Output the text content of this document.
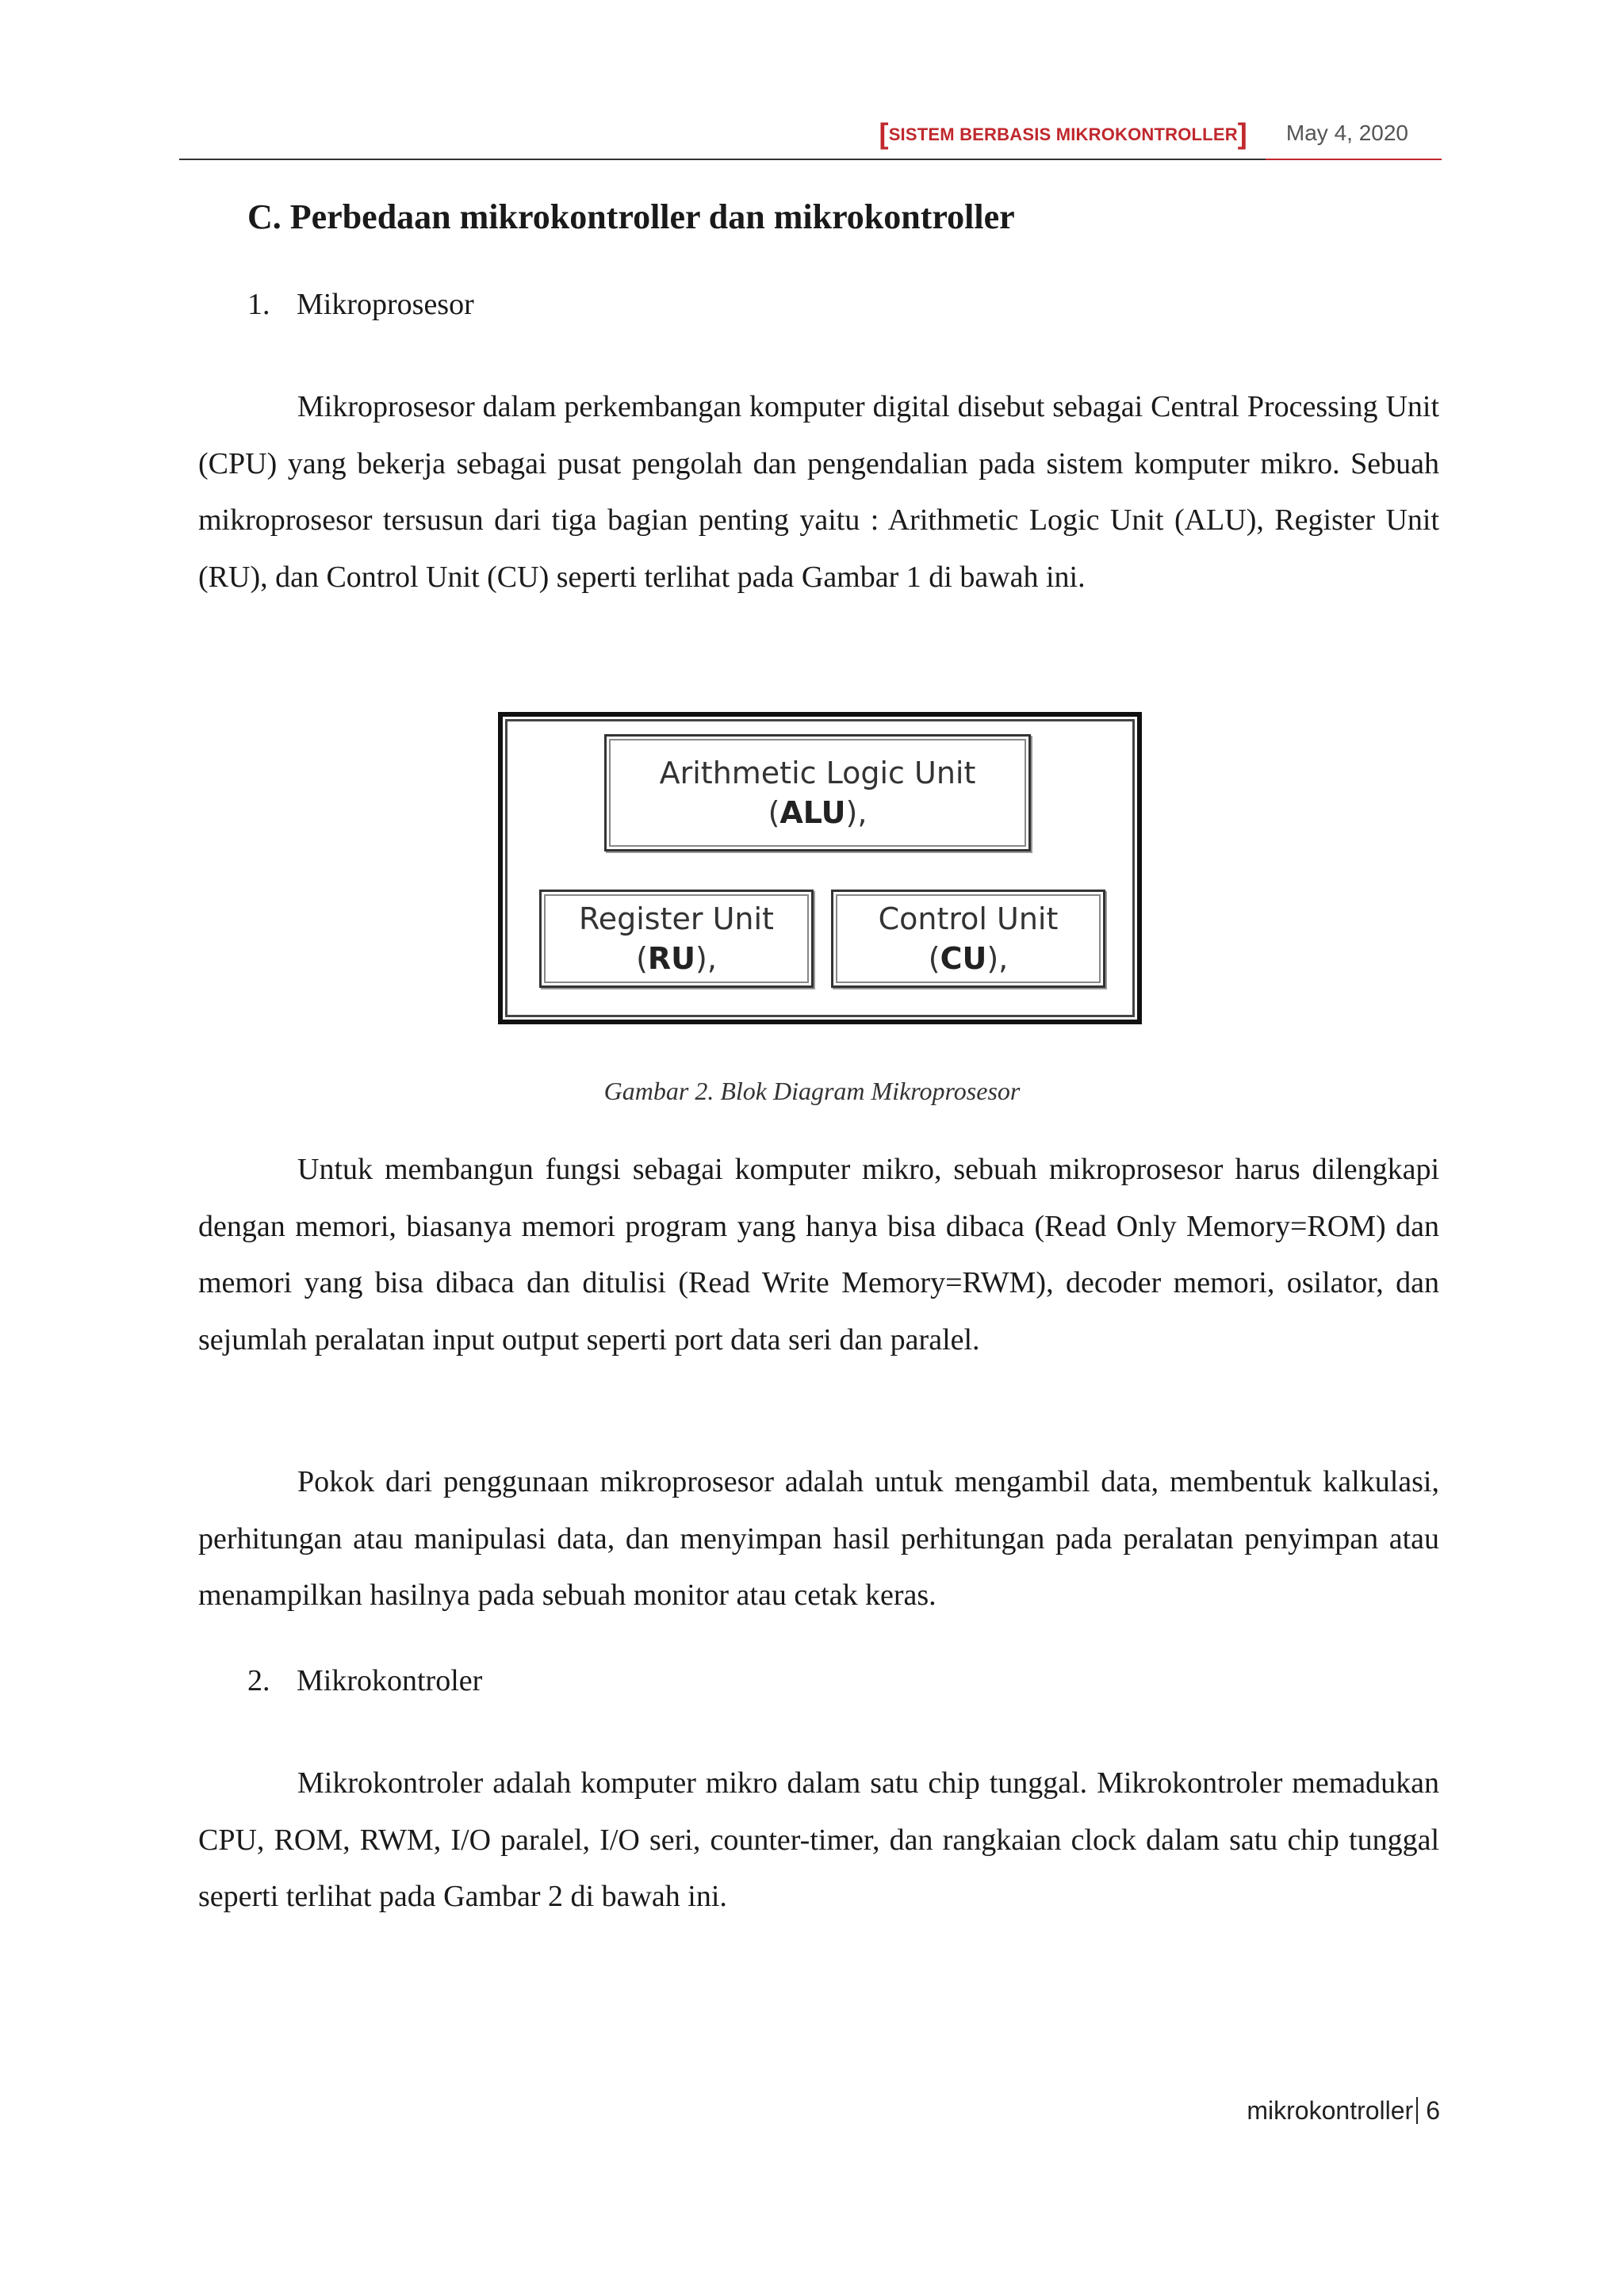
[SISTEM BERBASIS MIKROKONTROLLER] May 4, 2020
C. Perbedaan mikrokontroller dan mikrokontroller
1. Mikroprosesor

Mikroprosesor dalam perkembangan komputer digital disebut sebagai Central Processing Unit (CPU) yang bekerja sebagai pusat pengolah dan pengendalian pada sistem komputer mikro. Sebuah mikroprosesor tersusun dari tiga bagian penting yaitu : Arithmetic Logic Unit (ALU), Register Unit (RU), dan Control Unit (CU) seperti terlihat pada Gambar 1 di bawah ini.

Arithmetic Logic Unit
(ALU),
Register Unit
(RU),
Control Unit
(CU),
Gambar 2. Blok Diagram Mikroprosesor

Untuk membangun fungsi sebagai komputer mikro, sebuah mikroprosesor harus dilengkapi dengan memori, biasanya memori program yang hanya bisa dibaca (Read Only Memory=ROM) dan memori yang bisa dibaca dan ditulisi (Read Write Memory=RWM), decoder memori, osilator, dan sejumlah peralatan input output seperti port data seri dan paralel.

Pokok dari penggunaan mikroprosesor adalah untuk mengambil data, membentuk kalkulasi, perhitungan atau manipulasi data, dan menyimpan hasil perhitungan pada peralatan penyimpan atau menampilkan hasilnya pada sebuah monitor atau cetak keras.

2. Mikrokontroler

Mikrokontroler adalah komputer mikro dalam satu chip tunggal. Mikrokontroler memadukan CPU, ROM, RWM, I/O paralel, I/O seri, counter-timer, dan rangkaian clock dalam satu chip tunggal seperti terlihat pada Gambar 2 di bawah ini.

mikrokontroller 6
